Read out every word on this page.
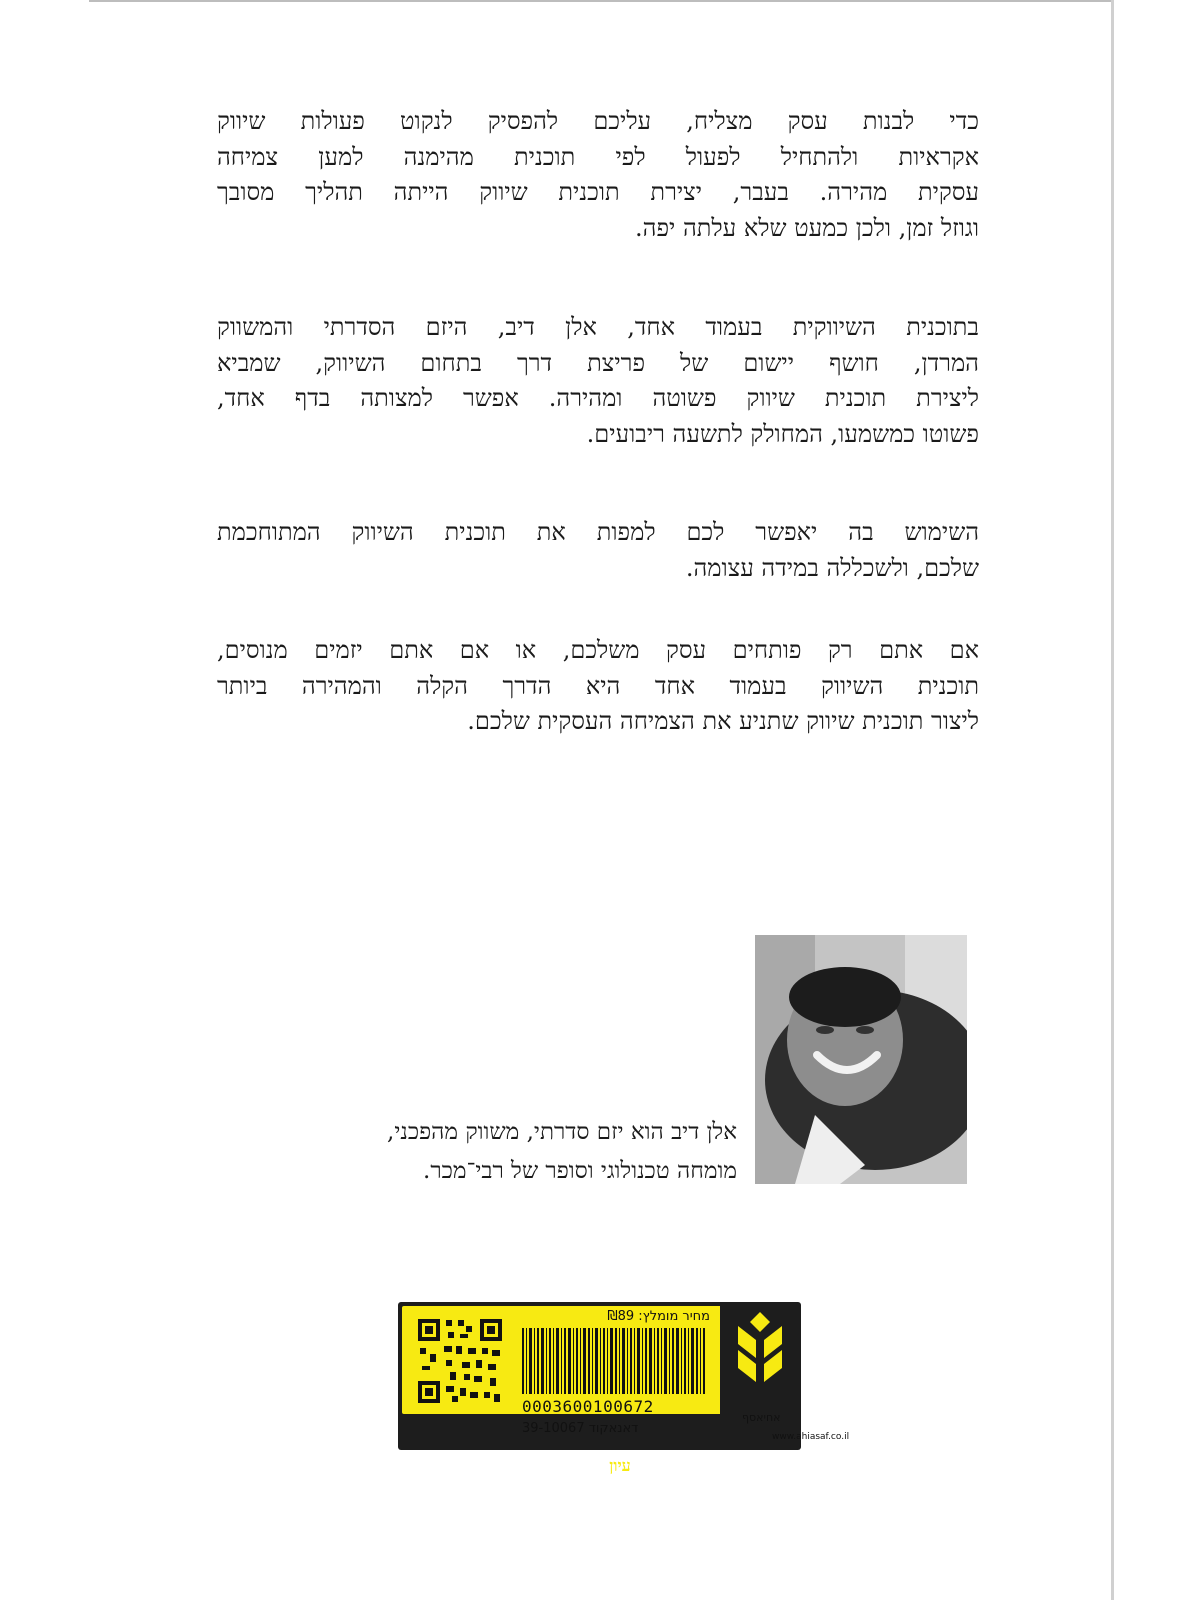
כדי לבנות עסק מצליח, עליכם להפסיק לנקוט פעולות שיווק
אקראיות ולהתחיל לפעול לפי תוכנית מהימנה למען צמיחה
עסקית מהירה. בעבר, יצירת תוכנית שיווק הייתה תהליך מסובך
וגוזל זמן, ולכן כמעט שלא עלתה יפה.
בתוכנית השיווקית בעמוד אחד, אלן דיב, היזם הסדרתי והמשווק
המרדן, חושף יישום של פריצת דרך בתחום השיווק, שמביא
ליצירת תוכנית שיווק פשוטה ומהירה. אפשר למצותה בדף אחד,
פשוטו כמשמעו, המחולק לתשעה ריבועים.
השימוש בה יאפשר לכם למפות את תוכנית השיווק המתוחכמת
שלכם, ולשכללה במידה עצומה.
אם אתם רק פותחים עסק משלכם, או אם אתם יזמים מנוסים,
תוכנית השיווק בעמוד אחד היא הדרך הקלה והמהירה ביותר
ליצור תוכנית שיווק שתניע את הצמיחה העסקית שלכם.
אלן דיב הוא יזם סדרתי, משווק מהפכני,
מומחה טכנולוגי וסופר של רבי־מכר.
מחיר מומלץ: ₪89
0003600100672
39-10067 דאנאקוד
אחיאסף
www.ahiasaf.co.il
עיון
